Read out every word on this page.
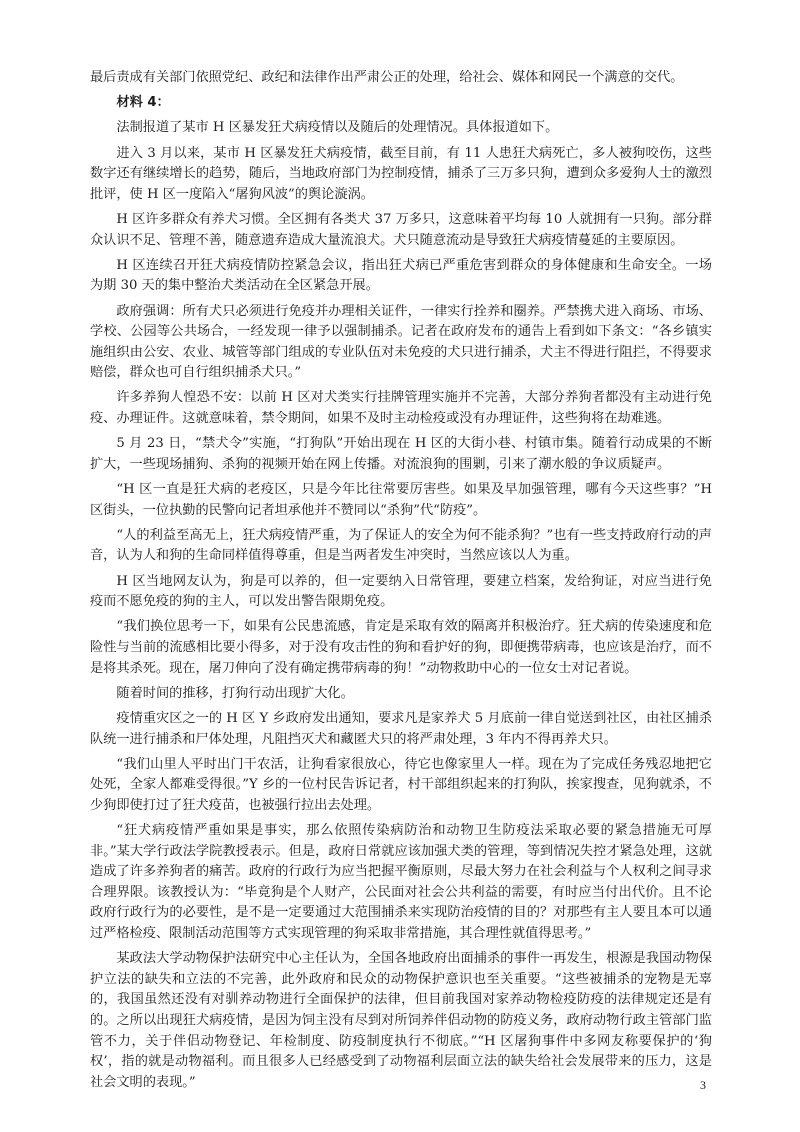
最后责成有关部门依照党纪、政纪和法律作出严肃公正的处理，给社会、媒体和网民一个满意的交代。

材料 4：

法制报道了某市 H 区暴发狂犬病疫情以及随后的处理情况。具体报道如下。

进入 3 月以来，某市 H 区暴发狂犬病疫情，截至目前，有 11 人患狂犬病死亡，多人被狗咬伤，这些数字还有继续增长的趋势，随后，当地政府部门为控制疫情，捕杀了三万多只狗，遭到众多爱狗人士的激烈批评，使 H 区一度陷入“屠狗风波”的舆论漩涡。

H 区许多群众有养犬习惯。全区拥有各类犬 37 万多只，这意味着平均每 10 人就拥有一只狗。部分群众认识不足、管理不善，随意遗弃造成大量流浪犬。犬只随意流动是导致狂犬病疫情蔓延的主要原因。

H 区连续召开狂犬病疫情防控紧急会议，指出狂犬病已严重危害到群众的身体健康和生命安全。一场为期 30 天的集中整治犬类活动在全区紧急开展。

政府强调：所有犬只必须进行免疫并办理相关证件，一律实行拴养和圈养。严禁携犬进入商场、市场、学校、公园等公共场合，一经发现一律予以强制捕杀。记者在政府发布的通告上看到如下条文：“各乡镇实施组织由公安、农业、城管等部门组成的专业队伍对未免疫的犬只进行捕杀，犬主不得进行阻拦，不得要求赔偿，群众也可自行组织捕杀犬只。”

许多养狗人惶恐不安：以前 H 区对犬类实行挂牌管理实施并不完善，大部分养狗者都没有主动进行免疫、办理证件。这就意味着，禁令期间，如果不及时主动检疫或没有办理证件，这些狗将在劫难逃。

5 月 23 日，“禁犬令”实施，“打狗队”开始出现在 H 区的大街小巷、村镇市集。随着行动成果的不断扩大，一些现场捕狗、杀狗的视频开始在网上传播。对流浪狗的围剿，引来了潮水般的争议质疑声。

“H 区一直是狂犬病的老疫区，只是今年比往常要厉害些。如果及早加强管理，哪有今天这些事？”H 区街头，一位执勤的民警向记者坦承他并不赞同以“杀狗”代“防疫”。

“人的利益至高无上，狂犬病疫情严重，为了保证人的安全为何不能杀狗？”也有一些支持政府行动的声音，认为人和狗的生命同样值得尊重，但是当两者发生冲突时，当然应该以人为重。

H 区当地网友认为，狗是可以养的，但一定要纳入日常管理，要建立档案，发给狗证，对应当进行免疫而不愿免疫的狗的主人，可以发出警告限期免疫。

“我们换位思考一下，如果有公民患流感，肯定是采取有效的隔离并积极治疗。狂犬病的传染速度和危险性与当前的流感相比要小得多，对于没有攻击性的狗和看护好的狗，即便携带病毒，也应该是治疗，而不是将其杀死。现在，屠刀伸向了没有确定携带病毒的狗！”动物救助中心的一位女士对记者说。

随着时间的推移，打狗行动出现扩大化。

疫情重灾区之一的 H 区 Y 乡政府发出通知，要求凡是家养犬 5 月底前一律自觉送到社区，由社区捕杀队统一进行捕杀和尸体处理，凡阻挡灭犬和藏匿犬只的将严肃处理，3 年内不得再养犬只。

“我们山里人平时出门干农活，让狗看家很放心，待它也像家里人一样。现在为了完成任务残忍地把它处死，全家人都难受得很。”Y 乡的一位村民告诉记者，村干部组织起来的打狗队，挨家搜查，见狗就杀，不少狗即使打过了狂犬疫苗，也被强行拉出去处理。

“狂犬病疫情严重如果是事实，那么依照传染病防治和动物卫生防疫法采取必要的紧急措施无可厚非。”某大学行政法学院教授表示。但是，政府日常就应该加强犬类的管理，等到情况失控才紧急处理，这就造成了许多养狗者的痛苦。政府的行政行为应当把握平衡原则，尽最大努力在社会利益与个人权利之间寻求合理界限。该教授认为：“毕竟狗是个人财产，公民面对社会公共利益的需要，有时应当付出代价。且不论政府行政行为的必要性，是不是一定要通过大范围捕杀来实现防治疫情的目的？对那些有主人要且本可以通过严格检疫、限制活动范围等方式实现管理的狗采取非常措施，其合理性就值得思考。”

某政法大学动物保护法研究中心主任认为，全国各地政府出面捕杀的事件一再发生，根源是我国动物保护立法的缺失和立法的不完善，此外政府和民众的动物保护意识也至关重要。“这些被捕杀的宠物是无辜的，我国虽然还没有对驯养动物进行全面保护的法律，但目前我国对家养动物检疫防疫的法律规定还是有的。之所以出现狂犬病疫情，是因为饲主没有尽到对所饲养伴侣动物的防疫义务，政府动物行政主管部门监管不力，关于伴侣动物登记、年检制度、防疫制度执行不彻底。”“H 区屠狗事件中多网友称要保护的‘狗权’，指的就是动物福利。而且很多人已经感受到了动物福利层面立法的缺失给社会发展带来的压力，这是社会文明的表现。”	3
